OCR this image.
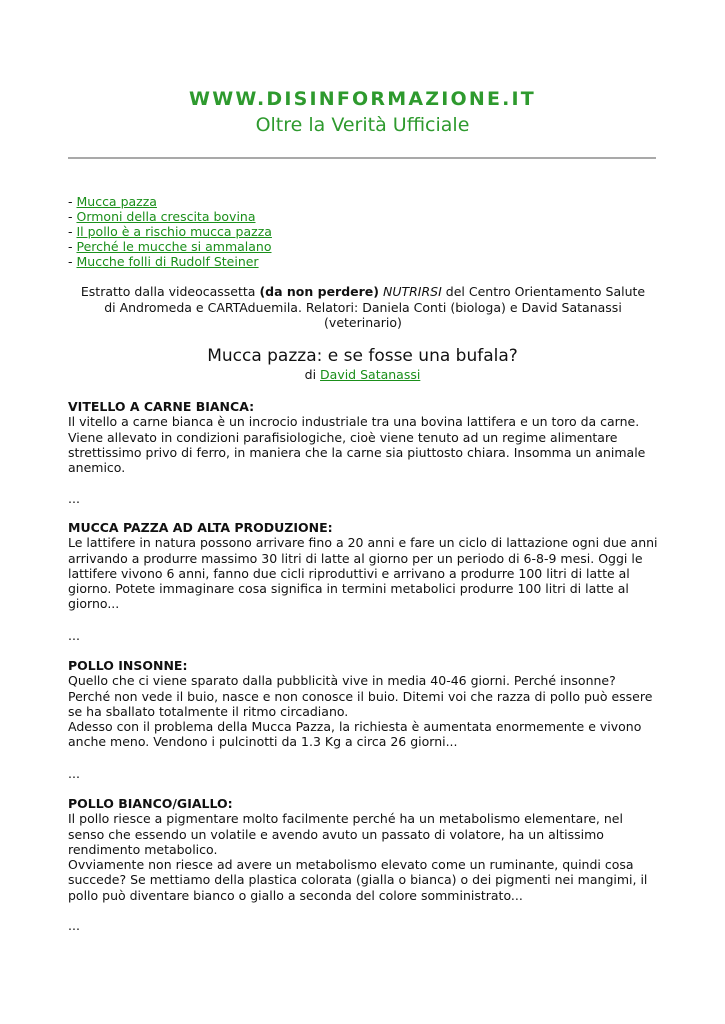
WWW.DISINFORMAZIONE.IT
Oltre la Verità Ufficiale
- Mucca pazza
- Ormoni della crescita bovina
- Il pollo è a rischio mucca pazza
- Perché le mucche si ammalano
- Mucche folli di Rudolf Steiner
Estratto dalla videocassetta (da non perdere) NUTRIRSI del Centro Orientamento Salute di Andromeda e CARTAduemila. Relatori: Daniela Conti (biologa) e David Satanassi (veterinario)
Mucca pazza: e se fosse una bufala?
di David Satanassi
VITELLO A CARNE BIANCA:

Il vitello a carne bianca è un incrocio industriale tra una bovina lattifera e un toro da carne. Viene allevato in condizioni parafisiologiche, cioè viene tenuto ad un regime alimentare strettissimo privo di ferro, in maniera che la carne sia piuttosto chiara. Insomma un animale anemico.

...
MUCCA PAZZA AD ALTA PRODUZIONE:

Le lattifere in natura possono arrivare fino a 20 anni e fare un ciclo di lattazione ogni due anni arrivando a produrre massimo 30 litri di latte al giorno per un periodo di 6-8-9 mesi. Oggi le lattifere vivono 6 anni, fanno due cicli riproduttivi e arrivano a produrre 100 litri di latte al giorno. Potete immaginare cosa significa in termini metabolici produrre 100 litri di latte al giorno...

...
POLLO INSONNE:

Quello che ci viene sparato dalla pubblicità vive in media 40-46 giorni. Perché insonne? Perché non vede il buio, nasce e non conosce il buio. Ditemi voi che razza di pollo può essere se ha sballato totalmente il ritmo circadiano.

Adesso con il problema della Mucca Pazza, la richiesta è aumentata enormemente e vivono anche meno. Vendono i pulcinotti da 1.3 Kg a circa 26 giorni...

...
POLLO BIANCO/GIALLO:

Il pollo riesce a pigmentare molto facilmente perché ha un metabolismo elementare, nel senso che essendo un volatile e avendo avuto un passato di volatore, ha un altissimo rendimento metabolico.

Ovviamente non riesce ad avere un metabolismo elevato come un ruminante, quindi cosa succede? Se mettiamo della plastica colorata (gialla o bianca) o dei pigmenti nei mangimi, il pollo può diventare bianco o giallo a seconda del colore somministrato...

...
